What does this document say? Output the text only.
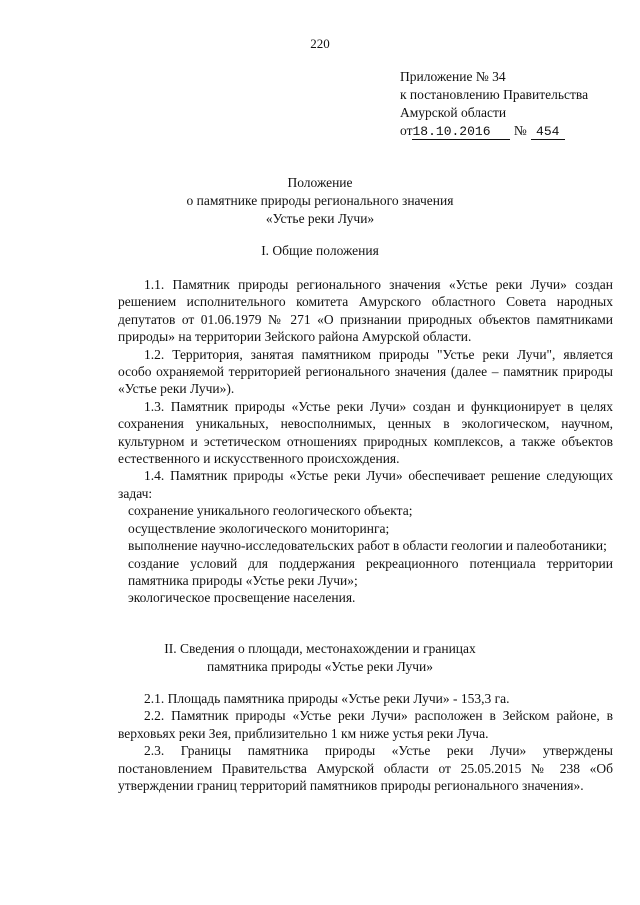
220
Приложение № 34
к постановлению Правительства
Амурской области
от18.10.2016 № 454
Положение
о памятнике природы регионального значения
«Устье реки Лучи»
I. Общие положения

1.1. Памятник природы регионального значения «Устье реки Лучи» создан решением исполнительного комитета Амурского областного Совета народных депутатов от 01.06.1979 № 271 «О признании природных объектов памятниками природы» на территории Зейского района Амурской области.

1.2. Территория, занятая памятником природы "Устье реки Лучи", является особо охраняемой территорией регионального значения (далее – памятник природы «Устье реки Лучи»).

1.3. Памятник природы «Устье реки Лучи» создан и функционирует в целях сохранения уникальных, невосполнимых, ценных в экологическом, научном, культурном и эстетическом отношениях природных комплексов, а также объектов естественного и искусственного происхождения.

1.4. Памятник природы «Устье реки Лучи» обеспечивает решение следующих задач:

сохранение уникального геологического объекта;

осуществление экологического мониторинга;

выполнение научно-исследовательских работ в области геологии и палеоботаники;

создание условий для поддержания рекреационного потенциала территории памятника природы «Устье реки Лучи»;

экологическое просвещение населения.

II. Сведения о площади, местонахождении и границах
памятника природы «Устье реки Лучи»

2.1. Площадь памятника природы «Устье реки Лучи» - 153,3 га.

2.2. Памятник природы «Устье реки Лучи» расположен в Зейском районе, в верховьях реки Зея, приблизительно 1 км ниже устья реки Луча.

2.3. Границы памятника природы «Устье реки Лучи» утверждены постановлением Правительства Амурской области от 25.05.2015 № 238 «Об утверждении границ территорий памятников природы регионального значения».
